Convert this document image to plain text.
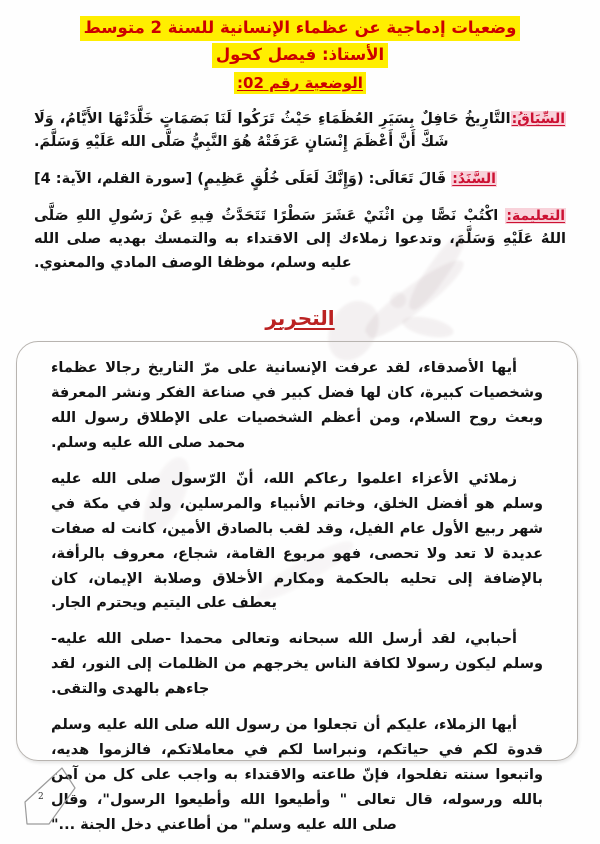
وضعيات إدماجية عن عظماء الإنسانية للسنة 2 متوسط
الأستاذ: فيصل كحول
الوضعية رقم 02:
السِّيَاقُ:التَّارِيخُ حَافِلٌ بِسَيَرِ العُظَمَاءِ حَيْثُ تَرَكُوا لَنَا بَصَمَاتٍ خَلَّدَتْهَا الأَيَّامُ، وَلَا شَكَّ أَنَّ أَعْظَمَ إِنْسَانٍ عَرَفَتْهُ هُوَ النَّبِيُّ صَلَّى الله عَلَيْهِ وَسَلَّمَ.
السَّنَدُ: قَالَ تَعَالَى: (وَإِنَّكَ لَعَلَى خُلُقٍ عَظِيمٍ) [سورة القلم، الآية: 4]
التعليمة: اكْتُبْ نَصًّا مِن اثْنَيْ عَشَرَ سَطْرًا تَتَحَدَّثُ فِيهِ عَنْ رَسُولِ اللهِ صَلَّى اللهُ عَلَيْهِ وَسَلَّمَ، وتدعوا زملاءك إلى الاقتداء به والتمسك بهديه صلى الله عليه وسلم، موظفا الوصف المادي والمعنوي.
التحرير

أيها الأصدقاء، لقد عرفت الإنسانية على مرّ التاريخ رجالا عظماء وشخصيات كبيرة، كان لها فضل كبير في صناعة الفكر ونشر المعرفة وبعث روح السلام، ومن أعظم الشخصيات على الإطلاق رسول الله محمد صلى الله عليه وسلم.

زملائي الأعزاء اعلموا رعاكم الله، أنّ الرّسول صلى الله عليه وسلم هو أفضل الخلق، وخاتم الأنبياء والمرسلين، ولد في مكة في شهر ربيع الأول عام الفيل، وقد لقب بالصادق الأمين، كانت له صفات عديدة لا تعد ولا تحصى، فهو مربوع القامة، شجاع، معروف بالرأفة، بالإضافة إلى تحليه بالحكمة ومكارم الأخلاق وصلابة الإيمان، كان يعطف على اليتيم ويحترم الجار.

أحبابي، لقد أرسل الله سبحانه وتعالى محمدا -صلى الله عليه- وسلم ليكون رسولا لكافة الناس يخرجهم من الظلمات إلى النور، لقد جاءهم بالهدى والتقى.

أيها الزملاء، عليكم أن تجعلوا من رسول الله صلى الله عليه وسلم قدوة لكم في حياتكم، ونبراسا لكم في معاملاتكم، فالزموا هديه، واتبعوا سنته تفلحوا، فإنّ طاعته والاقتداء به واجب على كل من آمن بالله ورسوله، قال تعالى " وأطيعوا الله وأطيعوا الرسول"، وقال صلى الله عليه وسلم" من أطاعني دخل الجنة ..."

2
